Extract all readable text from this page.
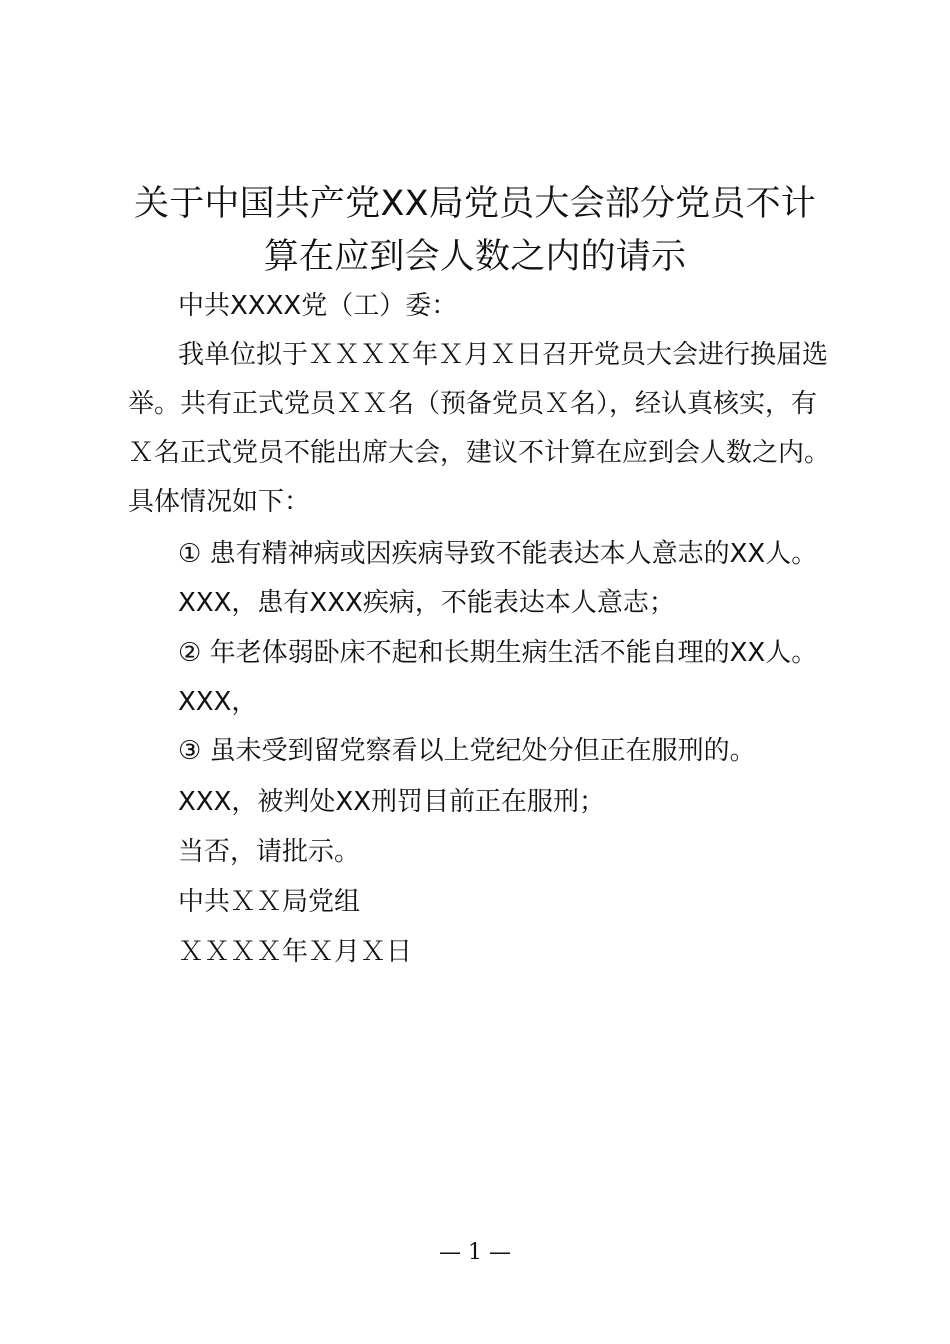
关于中国共产党XX局党员大会部分党员不计
算在应到会人数之内的请示

中共XXXX党（工）委：

我单位拟于ＸＸＸＸ年Ｘ月Ｘ日召开党员大会进行换届选

举。共有正式党员ＸＸ名（预备党员Ｘ名），经认真核实，有

Ｘ名正式党员不能出席大会，建议不计算在应到会人数之内。

具体情况如下：

① 患有精神病或因疾病导致不能表达本人意志的XX人。

XXX，患有XXX疾病，不能表达本人意志；

② 年老体弱卧床不起和长期生病生活不能自理的XX人。

XXX，

③ 虽未受到留党察看以上党纪处分但正在服刑的。

XXX，被判处XX刑罚目前正在服刑；

当否，请批示。

中共ＸＸ局党组

ＸＸＸＸ年Ｘ月Ｘ日

— 1 —
